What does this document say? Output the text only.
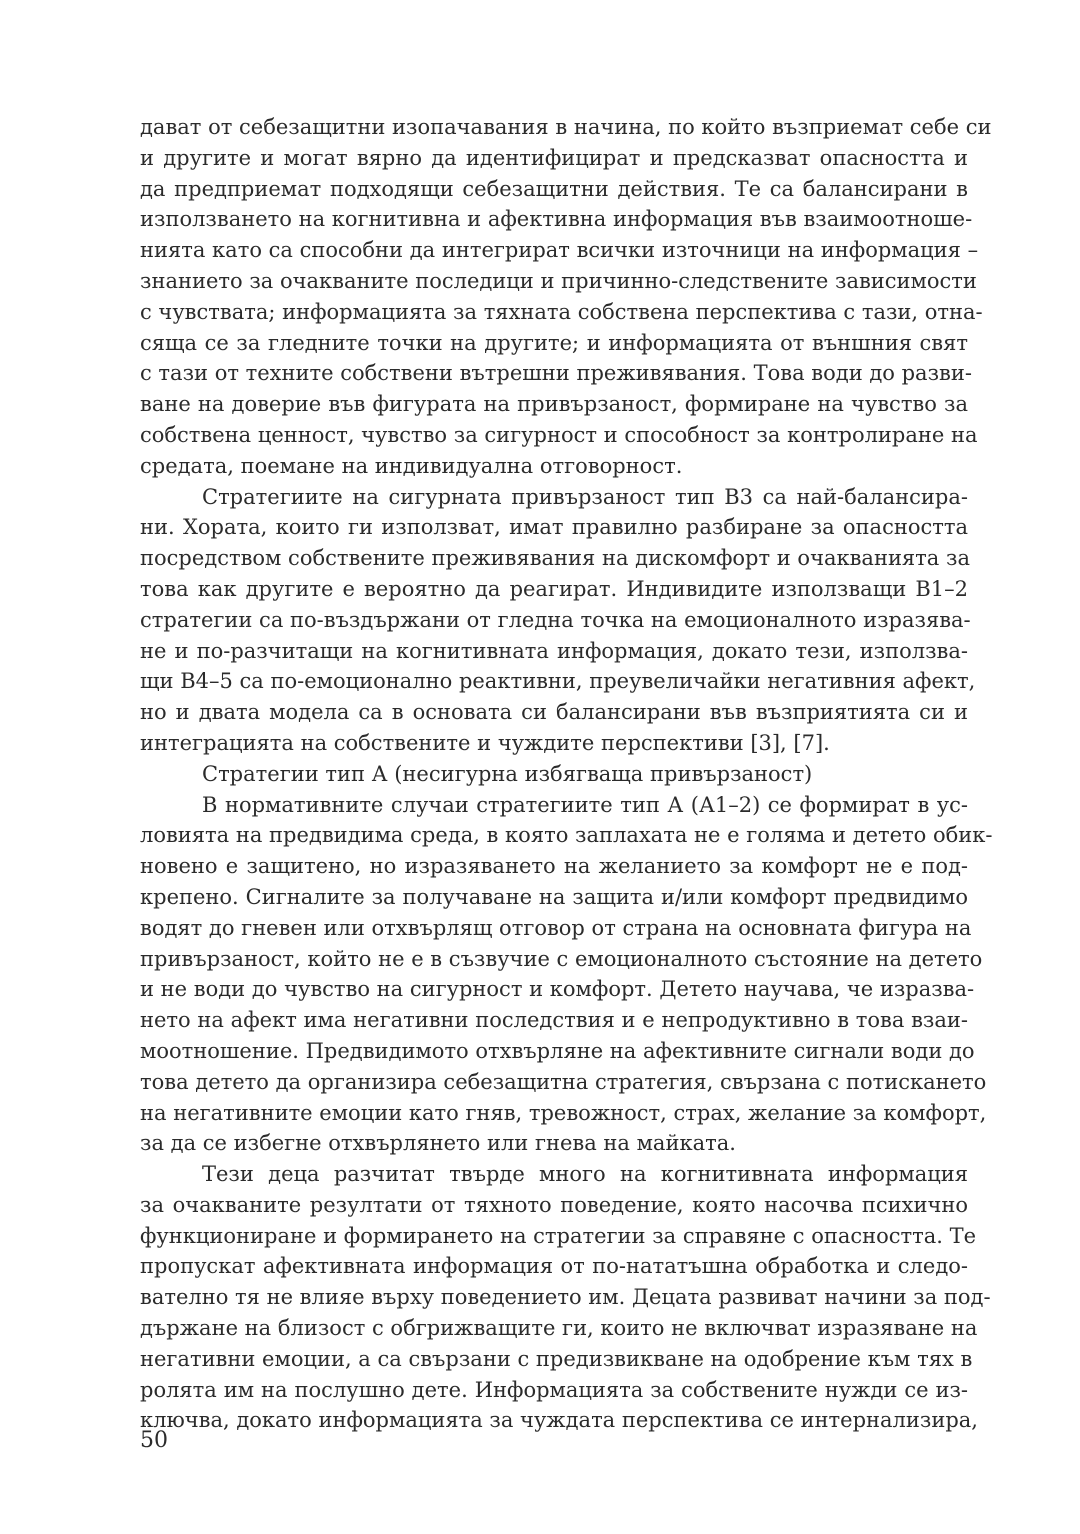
дават от себезащитни изопачавания в начина, по който възприемат себе си
и другите и могат вярно да идентифицират и предсказват опасността и
да предприемат подходящи себезащитни действия. Те са балансирани в
използването на когнитивна и афективна информация във взаимоотноше-
нията като са способни да интегрират всички източници на информация –
знанието за очакваните последици и причинно-следствените зависимости
с чувствата; информацията за тяхната собствена перспектива с тази, отна-
сяща се за гледните точки на другите; и информацията от външния свят
с тази от техните собствени вътрешни преживявания. Това води до разви-
ване на доверие във фигурата на привързаност, формиране на чувство за
собствена ценност, чувство за сигурност и способност за контролиране на
средата, поемане на индивидуална отговорност.
Стратегиите на сигурната привързаност тип В3 са най-балансира-
ни. Хората, които ги използват, имат правилно разбиране за опасността
посредством собствените преживявания на дискомфорт и очакванията за
това как другите е вероятно да реагират. Индивидите използващи В1–2
стратегии са по-въздържани от гледна точка на емоционалното изразява-
не и по-разчитащи на когнитивната информация, докато тези, използва-
щи В4–5 са по-емоционално реактивни, преувеличайки негативния афект,
но и двата модела са в основата си балансирани във възприятията си и
интеграцията на собствените и чуждите перспективи [3], [7].
Стратегии тип А (несигурна избягваща привързаност)
В нормативните случаи стратегиите тип А (А1–2) се формират в ус-
ловията на предвидима среда, в която заплахата не е голяма и детето обик-
новено е защитено, но изразяването на желанието за комфорт не е под-
крепено. Сигналите за получаване на защита и/или комфорт предвидимо
водят до гневен или отхвърлящ отговор от страна на основната фигура на
привързаност, който не е в съзвучие с емоционалното състояние на детето
и не води до чувство на сигурност и комфорт. Детето научава, че изразва-
нето на афект има негативни последствия и е непродуктивно в това взаи-
моотношение. Предвидимото отхвърляне на афективните сигнали води до
това детето да организира себезащитна стратегия, свързана с потискането
на негативните емоции като гняв, тревожност, страх, желание за комфорт,
за да се избегне отхвърлянето или гнева на майката.
Тези деца разчитат твърде много на когнитивната информация
за очакваните резултати от тяхното поведение, която насочва психично
функциониране и формирането на стратегии за справяне с опасността. Те
пропускат афективната информация от по-нататъшна обработка и следо-
вателно тя не влияе върху поведението им. Децата развиват начини за под-
държане на близост с обгрижващите ги, които не включват изразяване на
негативни емоции, а са свързани с предизвикване на одобрение към тях в
ролята им на послушно дете. Информацията за собствените нужди се из-
ключва, докато информацията за чуждата перспектива се интернализира,
50
